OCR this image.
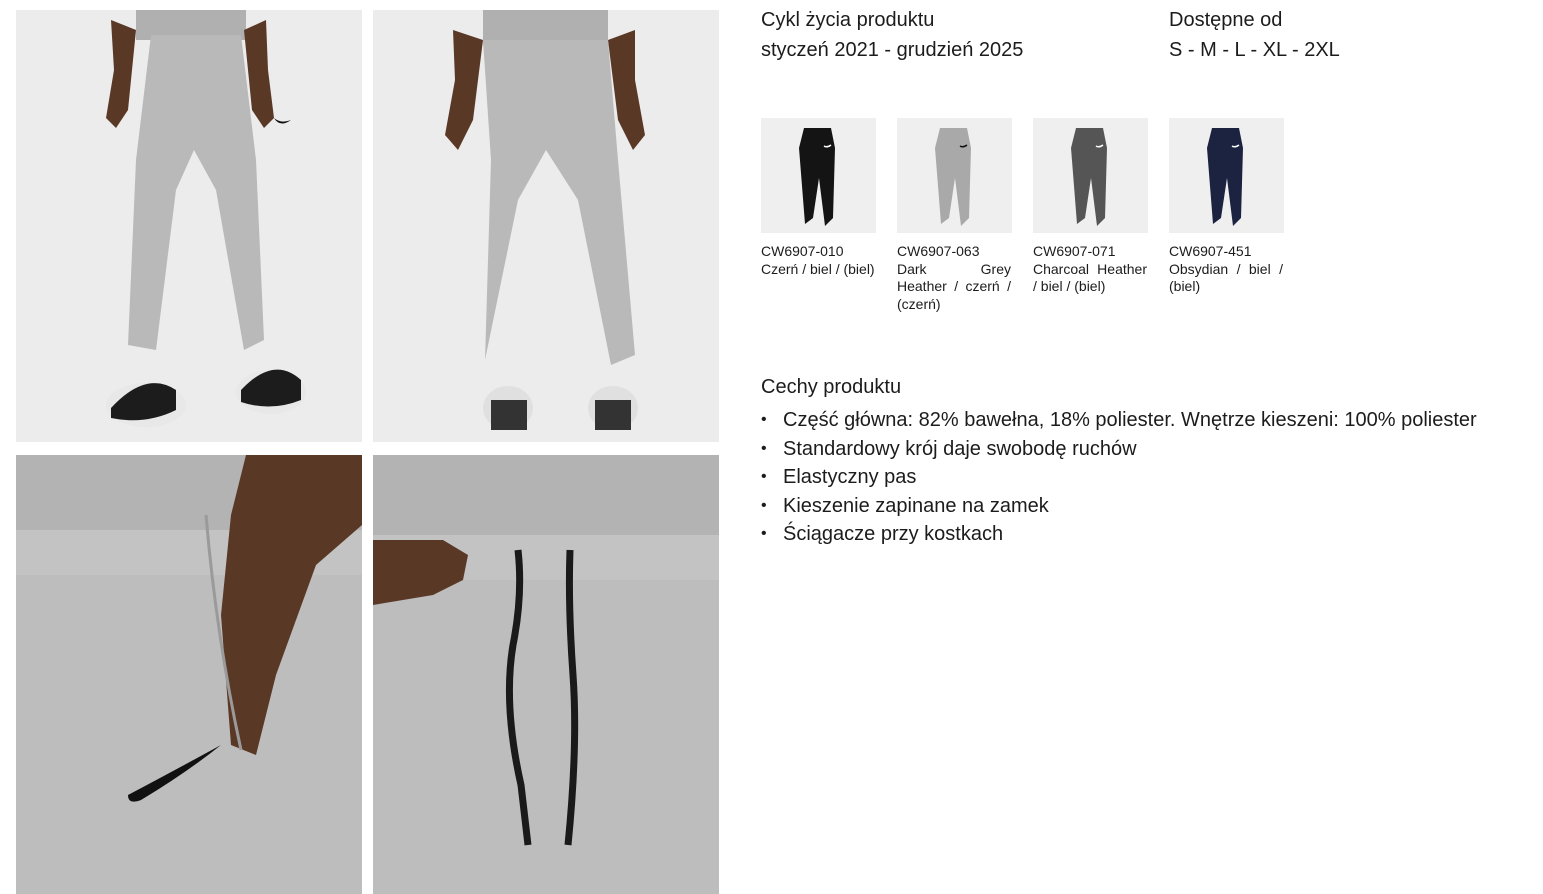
Cykl życia produktu
styczeń 2021 - grudzień 2025
Dostępne od
S - M - L - XL - 2XL
CW6907-010
Czerń / biel / (biel)
CW6907-063
Dark Grey Heather / czerń / (czerń)
CW6907-071
Charcoal Heather / biel / (biel)
CW6907-451
Obsydian / biel / (biel)
Cechy produktu
• Część główna: 82% bawełna, 18% poliester. Wnętrze kieszeni: 100% poliester
• Standardowy krój daje swobodę ruchów
• Elastyczny pas
• Kieszenie zapinane na zamek
• Ściągacze przy kostkach
